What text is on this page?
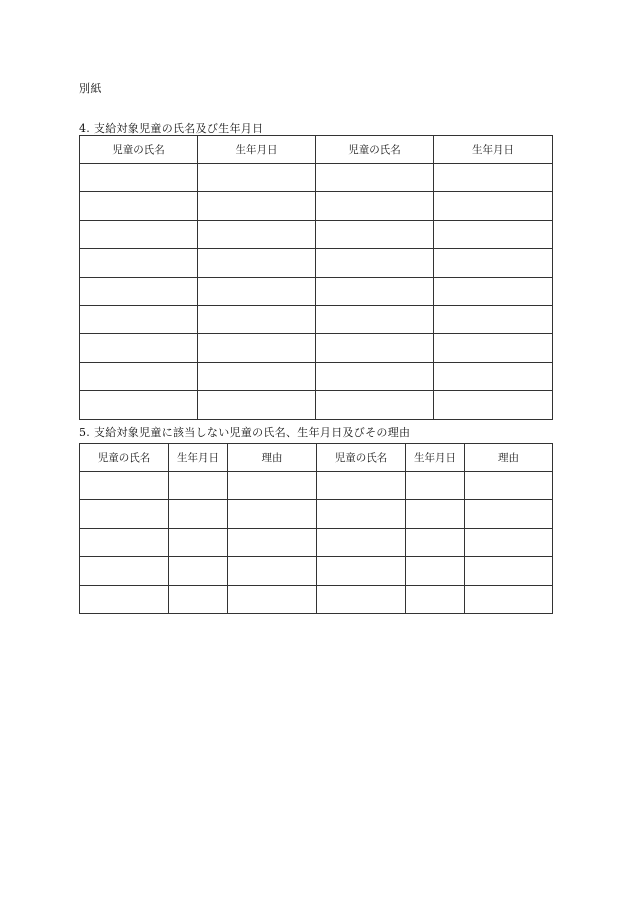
別紙
4. 支給対象児童の氏名及び生年月日
児童の氏名	生年月日	児童の氏名	生年月日

5. 支給対象児童に該当しない児童の氏名、生年月日及びその理由
児童の氏名	生年月日	理由	児童の氏名	生年月日	理由
